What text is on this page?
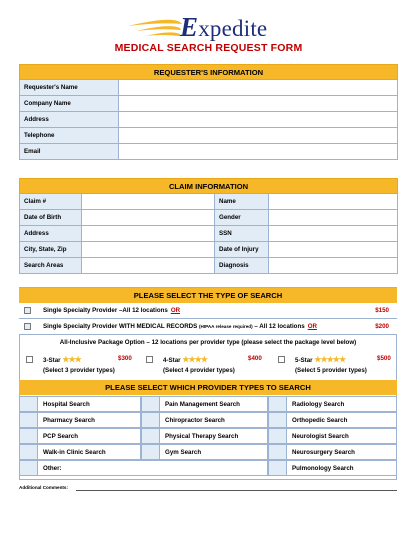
Expedite
MEDICAL SEARCH REQUEST FORM
REQUESTER'S INFORMATION	
Requester's Name	
Company Name	
Address	
Telephone	
Email	
CLAIM INFORMATION			
Claim #		Name	
Date of Birth		Gender	
Address		SSN	
City, State, Zip		Date of Injury	
Search Areas		Diagnosis	
PLEASE SELECT THE TYPE OF SEARCH
Single Specialty Provider –All 12 locations OR	$150
Single Specialty Provider WITH MEDICAL RECORDS (HIPAA release required) – All 12 locations OR	$200
All-Inclusive Package Option – 12 locations per provider type (please select the package level below)
3-Star ★★★	$300
(Select 3 provider types)
4-Star ★★★★	$400
(Select 4 provider types)
5-Star ★★★★★	$500
(Select 5 provider types)
PLEASE SELECT WHICH PROVIDER TYPES TO SEARCH
Hospital Search
Pharmacy Search
PCP Search
Walk-in Clinic Search
Other:
Pain Management Search
Chiropractor Search
Physical Therapy Search
Gym Search
Radiology Search
Orthopedic Search
Neurologist Search
Neurosurgery Search
Pulmonology Search
Additional Comments:
